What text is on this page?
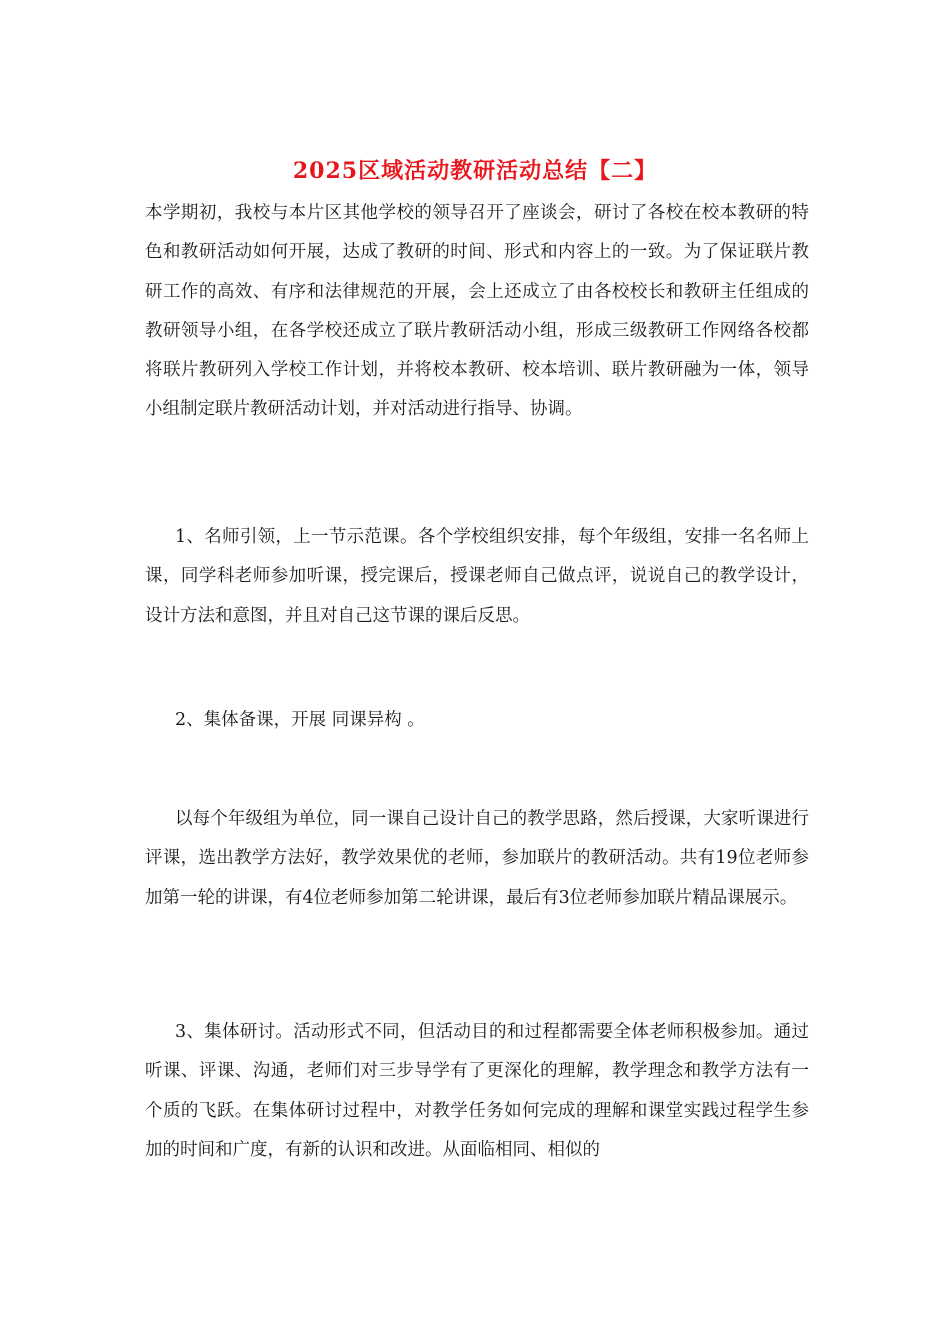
2025区域活动教研活动总结【二】

本学期初，我校与本片区其他学校的领导召开了座谈会，研讨了各校在校本教研的特色和教研活动如何开展，达成了教研的时间、形式和内容上的一致。为了保证联片教研工作的高效、有序和法律规范的开展，会上还成立了由各校校长和教研主任组成的教研领导小组，在各学校还成立了联片教研活动小组，形成三级教研工作网络各校都将联片教研列入学校工作计划，并将校本教研、校本培训、联片教研融为一体，领导小组制定联片教研活动计划，并对活动进行指导、协调。

1、名师引领，上一节示范课。各个学校组织安排，每个年级组，安排一名名师上课，同学科老师参加听课，授完课后，授课老师自己做点评，说说自己的教学设计，设计方法和意图，并且对自己这节课的课后反思。

2、集体备课，开展 同课异构 。

以每个年级组为单位，同一课自己设计自己的教学思路，然后授课，大家听课进行评课，选出教学方法好，教学效果优的老师，参加联片的教研活动。共有19位老师参加第一轮的讲课，有4位老师参加第二轮讲课，最后有3位老师参加联片精品课展示。

3、集体研讨。活动形式不同，但活动目的和过程都需要全体老师积极参加。通过听课、评课、沟通，老师们对三步导学有了更深化的理解，教学理念和教学方法有一个质的飞跃。在集体研讨过程中，对教学任务如何完成的理解和课堂实践过程学生参加的时间和广度，有新的认识和改进。从面临相同、相似的
